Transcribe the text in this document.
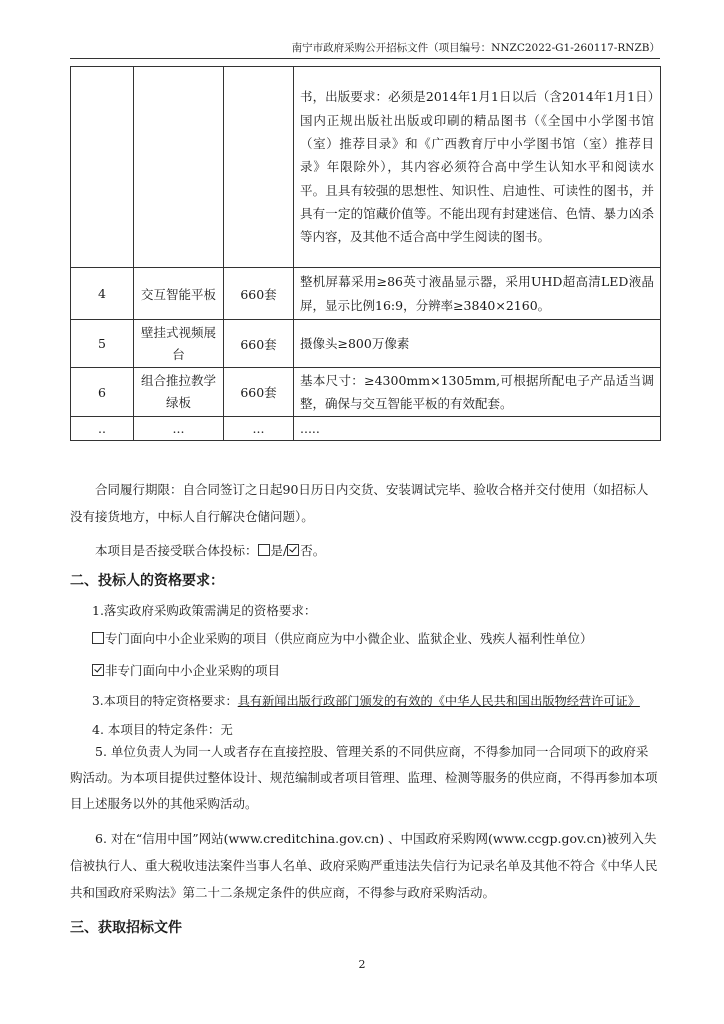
南宁市政府采购公开招标文件（项目编号：NNZC2022-G1-260117-RNZB）
			书，出版要求：必须是2014年1月1日以后（含2014年1月1日）国内正规出版社出版或印刷的精品图书（《全国中小学图书馆（室）推荐目录》和《广西教育厅中小学图书馆（室）推荐目录》年限除外），其内容必须符合高中学生认知水平和阅读水平。且具有较强的思想性、知识性、启迪性、可读性的图书，并具有一定的馆藏价值等。不能出现有封建迷信、色情、暴力凶杀等内容，及其他不适合高中学生阅读的图书。
4	交互智能平板	660套	整机屏幕采用≥86英寸液晶显示器，采用UHD超高清LED液晶屏，显示比例16:9，分辨率≥3840×2160。
5	壁挂式视频展台	660套	摄像头≥800万像素
6	组合推拉教学绿板	660套	基本尺寸：≥4300mm×1305mm,可根据所配电子产品适当调整，确保与交互智能平板的有效配套。
..	...	...	.....

合同履行期限：自合同签订之日起90日历日内交货、安装调试完毕、验收合格并交付使用（如招标人没有接货地方，中标人自行解决仓储问题）。

本项目是否接受联合体投标： 是/ 否。

二、投标人的资格要求：

1.落实政府采购政策需满足的资格要求：

专门面向中小企业采购的项目（供应商应为中小微企业、监狱企业、残疾人福利性单位）

非专门面向中小企业采购的项目

3.本项目的特定资格要求：具有新闻出版行政部门颁发的有效的《中华人民共和国出版物经营许可证》

4. 本项目的特定条件：无

5. 单位负责人为同一人或者存在直接控股、管理关系的不同供应商，不得参加同一合同项下的政府采购活动。为本项目提供过整体设计、规范编制或者项目管理、监理、检测等服务的供应商，不得再参加本项目上述服务以外的其他采购活动。

6. 对在“信用中国”网站(www.creditchina.gov.cn) 、中国政府采购网(www.ccgp.gov.cn)被列入失信被执行人、重大税收违法案件当事人名单、政府采购严重违法失信行为记录名单及其他不符合《中华人民共和国政府采购法》第二十二条规定条件的供应商，不得参与政府采购活动。

三、获取招标文件

2
